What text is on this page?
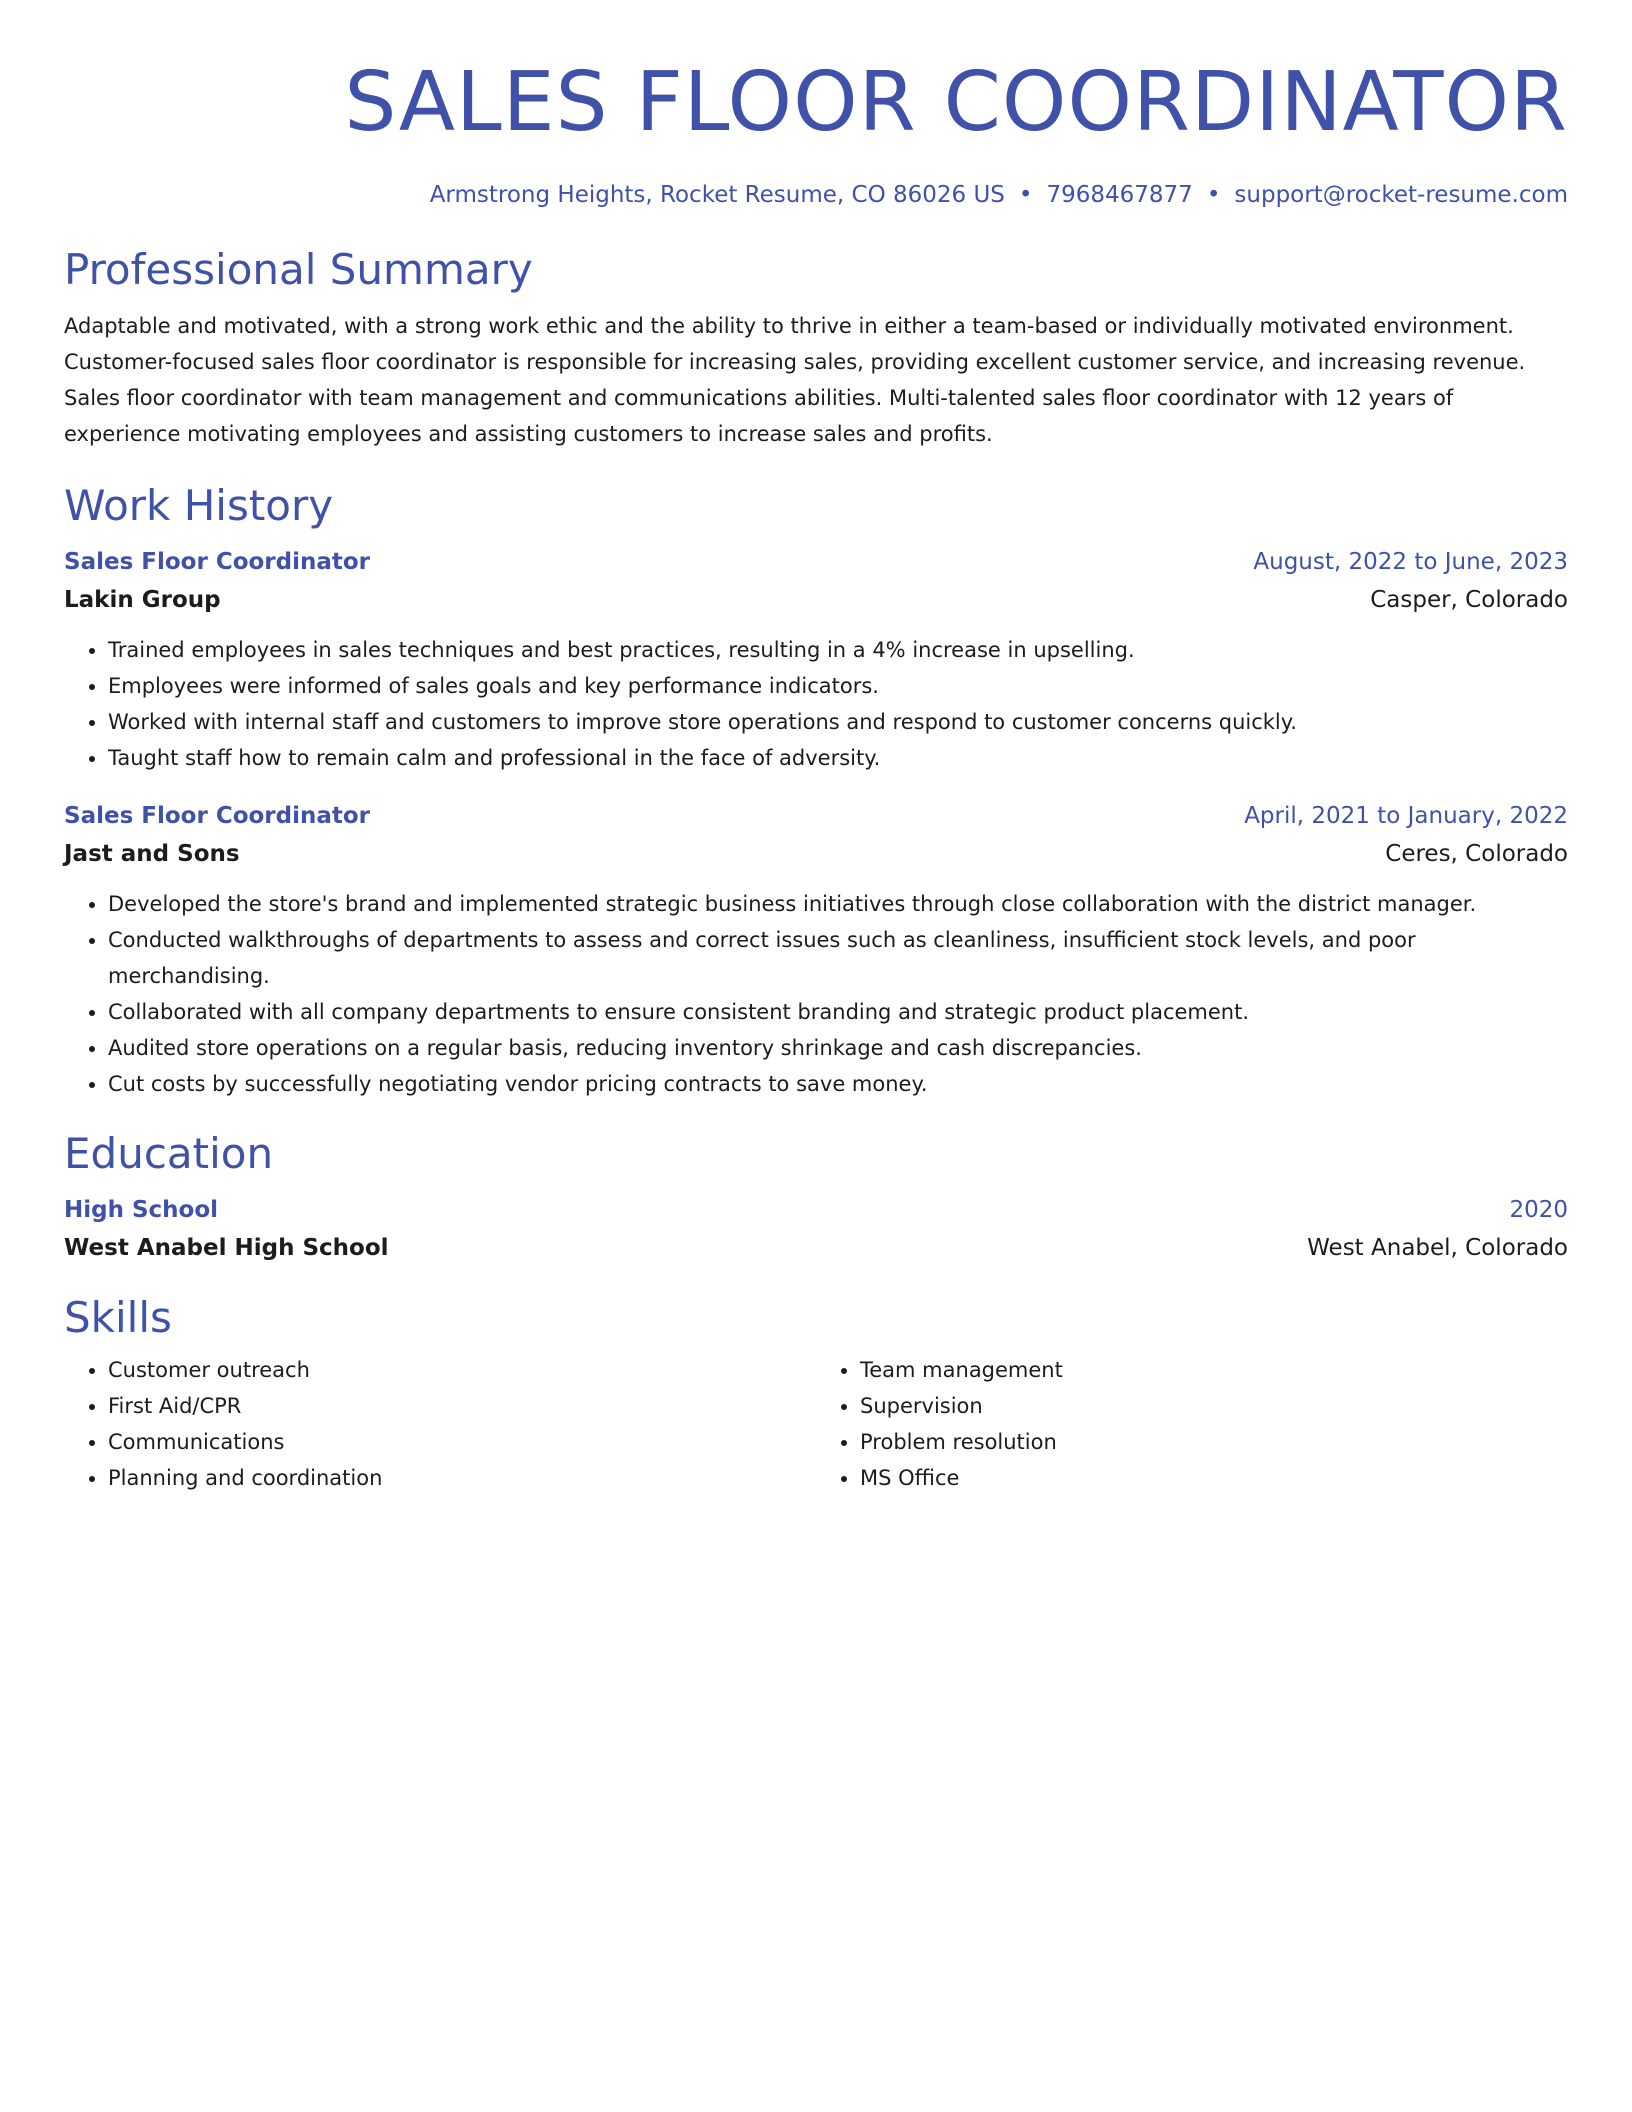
SALES FLOOR COORDINATOR
Armstrong Heights, Rocket Resume, CO 86026 US • 7968467877 • support@rocket-resume.com
Professional Summary

Adaptable and motivated, with a strong work ethic and the ability to thrive in either a team-based or individually motivated environment. Customer-focused sales floor coordinator is responsible for increasing sales, providing excellent customer service, and increasing revenue. Sales floor coordinator with team management and communications abilities. Multi-talented sales floor coordinator with 12 years of experience motivating employees and assisting customers to increase sales and profits.

Work History
Sales Floor Coordinator	August, 2022 to June, 2023
Lakin Group	Casper, Colorado
• Trained employees in sales techniques and best practices, resulting in a 4% increase in upselling.
• Employees were informed of sales goals and key performance indicators.
• Worked with internal staff and customers to improve store operations and respond to customer concerns quickly.
• Taught staff how to remain calm and professional in the face of adversity.
Sales Floor Coordinator	April, 2021 to January, 2022
Jast and Sons	Ceres, Colorado
• Developed the store's brand and implemented strategic business initiatives through close collaboration with the district manager.
• Conducted walkthroughs of departments to assess and correct issues such as cleanliness, insufficient stock levels, and poor merchandising.
• Collaborated with all company departments to ensure consistent branding and strategic product placement.
• Audited store operations on a regular basis, reducing inventory shrinkage and cash discrepancies.
• Cut costs by successfully negotiating vendor pricing contracts to save money.
Education
High School	2020
West Anabel High School	West Anabel, Colorado
Skills
• Customer outreach
• First Aid/CPR
• Communications
• Planning and coordination
• Team management
• Supervision
• Problem resolution
• MS Office
